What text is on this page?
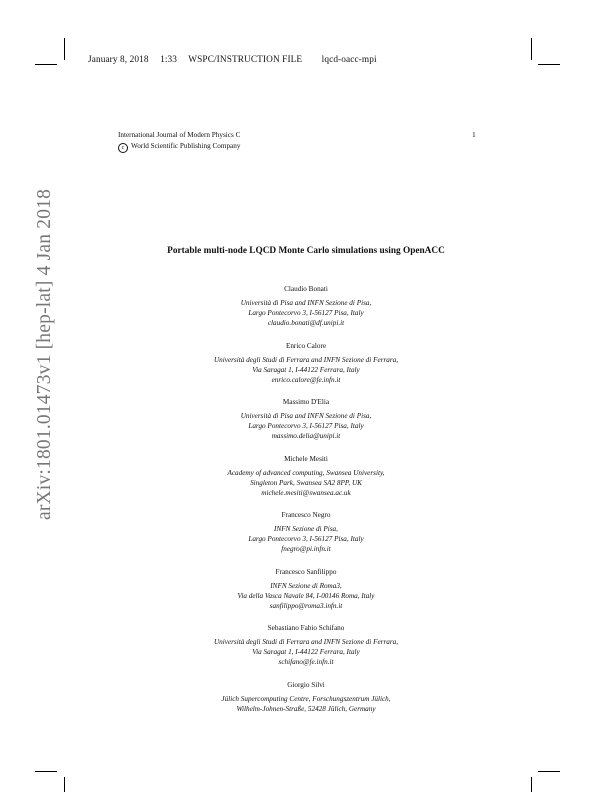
January 8, 2018 1:33 WSPC/INSTRUCTION FILE lqcd-oacc-mpi
International Journal of Modern Physics C
c World Scientific Publishing Company
1
arXiv:1801.01473v1 [hep-lat] 4 Jan 2018	Portable multi-node LQCD Monte Carlo simulations using OpenACC
Claudio Bonati
Università di Pisa and INFN Sezione di Pisa,
Largo Pontecorvo 3, I-56127 Pisa, Italy
claudio.bonati@df.unipi.it
Enrico Calore
Università degli Studi di Ferrara and INFN Sezione di Ferrara,
Via Saragat 1, I-44122 Ferrara, Italy
enrico.calore@fe.infn.it
Massimo D'Elia
Università di Pisa and INFN Sezione di Pisa,
Largo Pontecorvo 3, I-56127 Pisa, Italy
massimo.delia@unipi.it
Michele Mesiti
Academy of advanced computing, Swansea University,
Singleton Park, Swansea SA2 8PP, UK
michele.mesiti@swansea.ac.uk
Francesco Negro
INFN Sezione di Pisa,
Largo Pontecorvo 3, I-56127 Pisa, Italy
fnegro@pi.infn.it
Francesco Sanfilippo
INFN Sezione di Roma3,
Via della Vasca Navale 84, I-00146 Roma, Italy
sanfilippo@roma3.infn.it
Sebastiano Fabio Schifano
Università degli Studi di Ferrara and INFN Sezione di Ferrara,
Via Saragat 1, I-44122 Ferrara, Italy
schifano@fe.infn.it
Giorgio Silvi
Jülich Supercomputing Centre, Forschungszentrum Jülich,
Wilhelm-Johnen-Straße, 52428 Jülich, Germany
